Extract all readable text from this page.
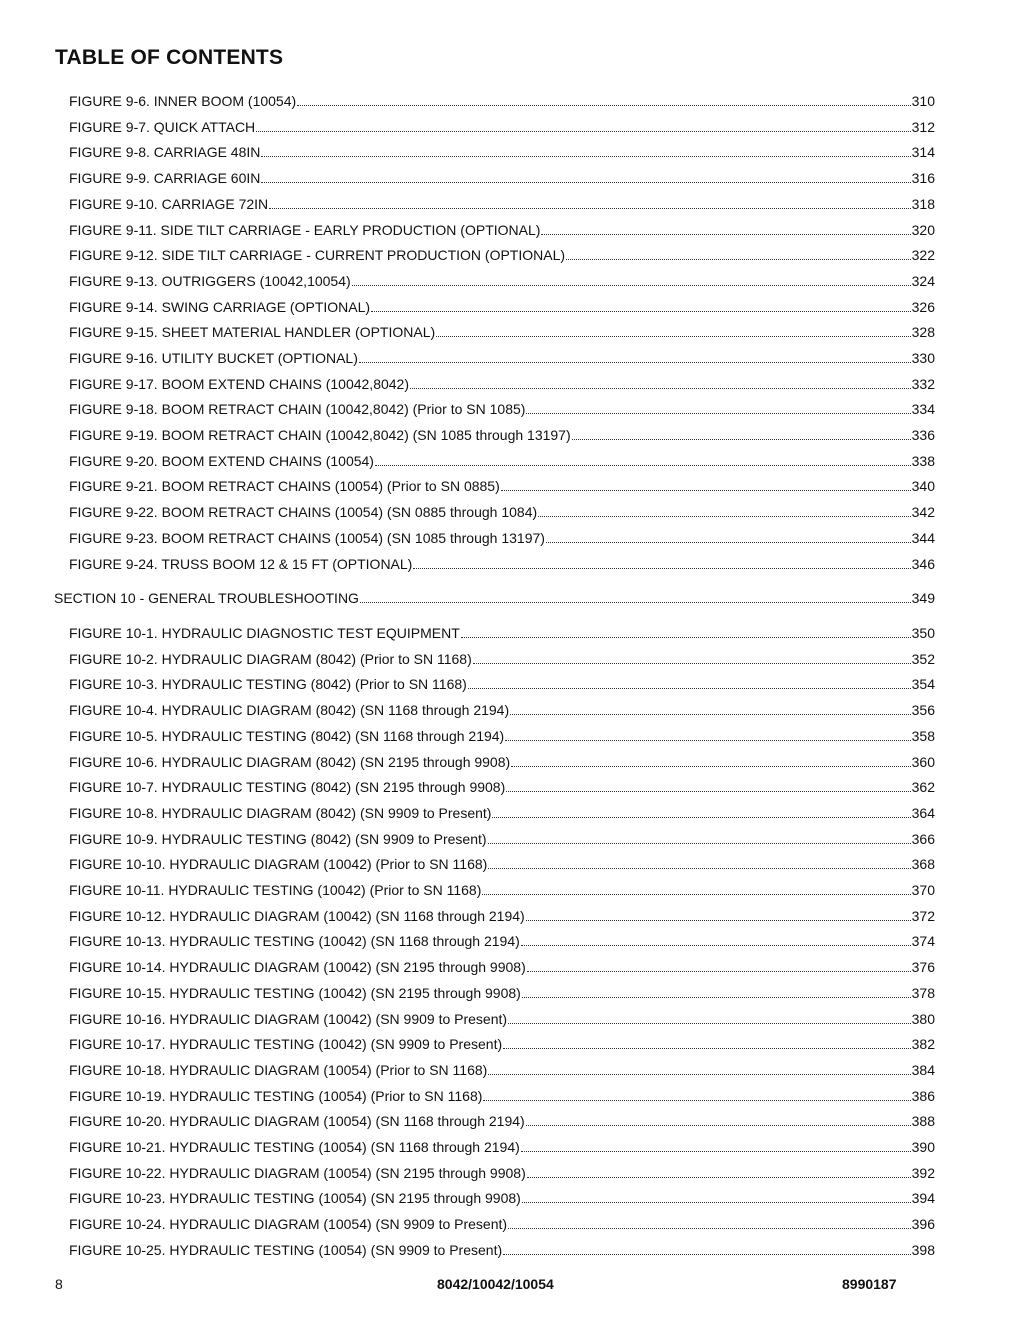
TABLE OF CONTENTS
FIGURE 9-6. INNER BOOM (10054)	310
FIGURE 9-7. QUICK ATTACH	312
FIGURE 9-8. CARRIAGE 48IN	314
FIGURE 9-9. CARRIAGE 60IN	316
FIGURE 9-10. CARRIAGE 72IN	318
FIGURE 9-11. SIDE TILT CARRIAGE - EARLY PRODUCTION (OPTIONAL)	320
FIGURE 9-12. SIDE TILT CARRIAGE - CURRENT PRODUCTION (OPTIONAL)	322
FIGURE 9-13. OUTRIGGERS (10042,10054)	324
FIGURE 9-14. SWING CARRIAGE (OPTIONAL)	326
FIGURE 9-15. SHEET MATERIAL HANDLER (OPTIONAL)	328
FIGURE 9-16. UTILITY BUCKET (OPTIONAL)	330
FIGURE 9-17. BOOM EXTEND CHAINS (10042,8042)	332
FIGURE 9-18. BOOM RETRACT CHAIN (10042,8042) (Prior to SN 1085)	334
FIGURE 9-19. BOOM RETRACT CHAIN (10042,8042) (SN 1085 through 13197)	336
FIGURE 9-20. BOOM EXTEND CHAINS (10054)	338
FIGURE 9-21. BOOM RETRACT CHAINS (10054) (Prior to SN 0885)	340
FIGURE 9-22. BOOM RETRACT CHAINS (10054) (SN 0885 through 1084)	342
FIGURE 9-23. BOOM RETRACT CHAINS (10054) (SN 1085 through 13197)	344
FIGURE 9-24. TRUSS BOOM 12 & 15 FT (OPTIONAL)	346
SECTION 10 - GENERAL TROUBLESHOOTING	349
FIGURE 10-1. HYDRAULIC DIAGNOSTIC TEST EQUIPMENT	350
FIGURE 10-2. HYDRAULIC DIAGRAM (8042) (Prior to SN 1168)	352
FIGURE 10-3. HYDRAULIC TESTING (8042) (Prior to SN 1168)	354
FIGURE 10-4. HYDRAULIC DIAGRAM (8042) (SN 1168 through 2194)	356
FIGURE 10-5. HYDRAULIC TESTING (8042) (SN 1168 through 2194)	358
FIGURE 10-6. HYDRAULIC DIAGRAM (8042) (SN 2195 through 9908)	360
FIGURE 10-7. HYDRAULIC TESTING (8042) (SN 2195 through 9908)	362
FIGURE 10-8. HYDRAULIC DIAGRAM (8042) (SN 9909 to Present)	364
FIGURE 10-9. HYDRAULIC TESTING (8042) (SN 9909 to Present)	366
FIGURE 10-10. HYDRAULIC DIAGRAM (10042) (Prior to SN 1168)	368
FIGURE 10-11. HYDRAULIC TESTING (10042) (Prior to SN 1168)	370
FIGURE 10-12. HYDRAULIC DIAGRAM (10042) (SN 1168 through 2194)	372
FIGURE 10-13. HYDRAULIC TESTING (10042) (SN 1168 through 2194)	374
FIGURE 10-14. HYDRAULIC DIAGRAM (10042) (SN 2195 through 9908)	376
FIGURE 10-15. HYDRAULIC TESTING (10042) (SN 2195 through 9908)	378
FIGURE 10-16. HYDRAULIC DIAGRAM (10042) (SN 9909 to Present)	380
FIGURE 10-17. HYDRAULIC TESTING (10042) (SN 9909 to Present)	382
FIGURE 10-18. HYDRAULIC DIAGRAM (10054) (Prior to SN 1168)	384
FIGURE 10-19. HYDRAULIC TESTING (10054) (Prior to SN 1168)	386
FIGURE 10-20. HYDRAULIC DIAGRAM (10054) (SN 1168 through 2194)	388
FIGURE 10-21. HYDRAULIC TESTING (10054) (SN 1168 through 2194)	390
FIGURE 10-22. HYDRAULIC DIAGRAM (10054) (SN 2195 through 9908)	392
FIGURE 10-23. HYDRAULIC TESTING (10054) (SN 2195 through 9908)	394
FIGURE 10-24. HYDRAULIC DIAGRAM (10054) (SN 9909 to Present)	396
FIGURE 10-25. HYDRAULIC TESTING (10054) (SN 9909 to Present)	398
8	8042/10042/10054	8990187
